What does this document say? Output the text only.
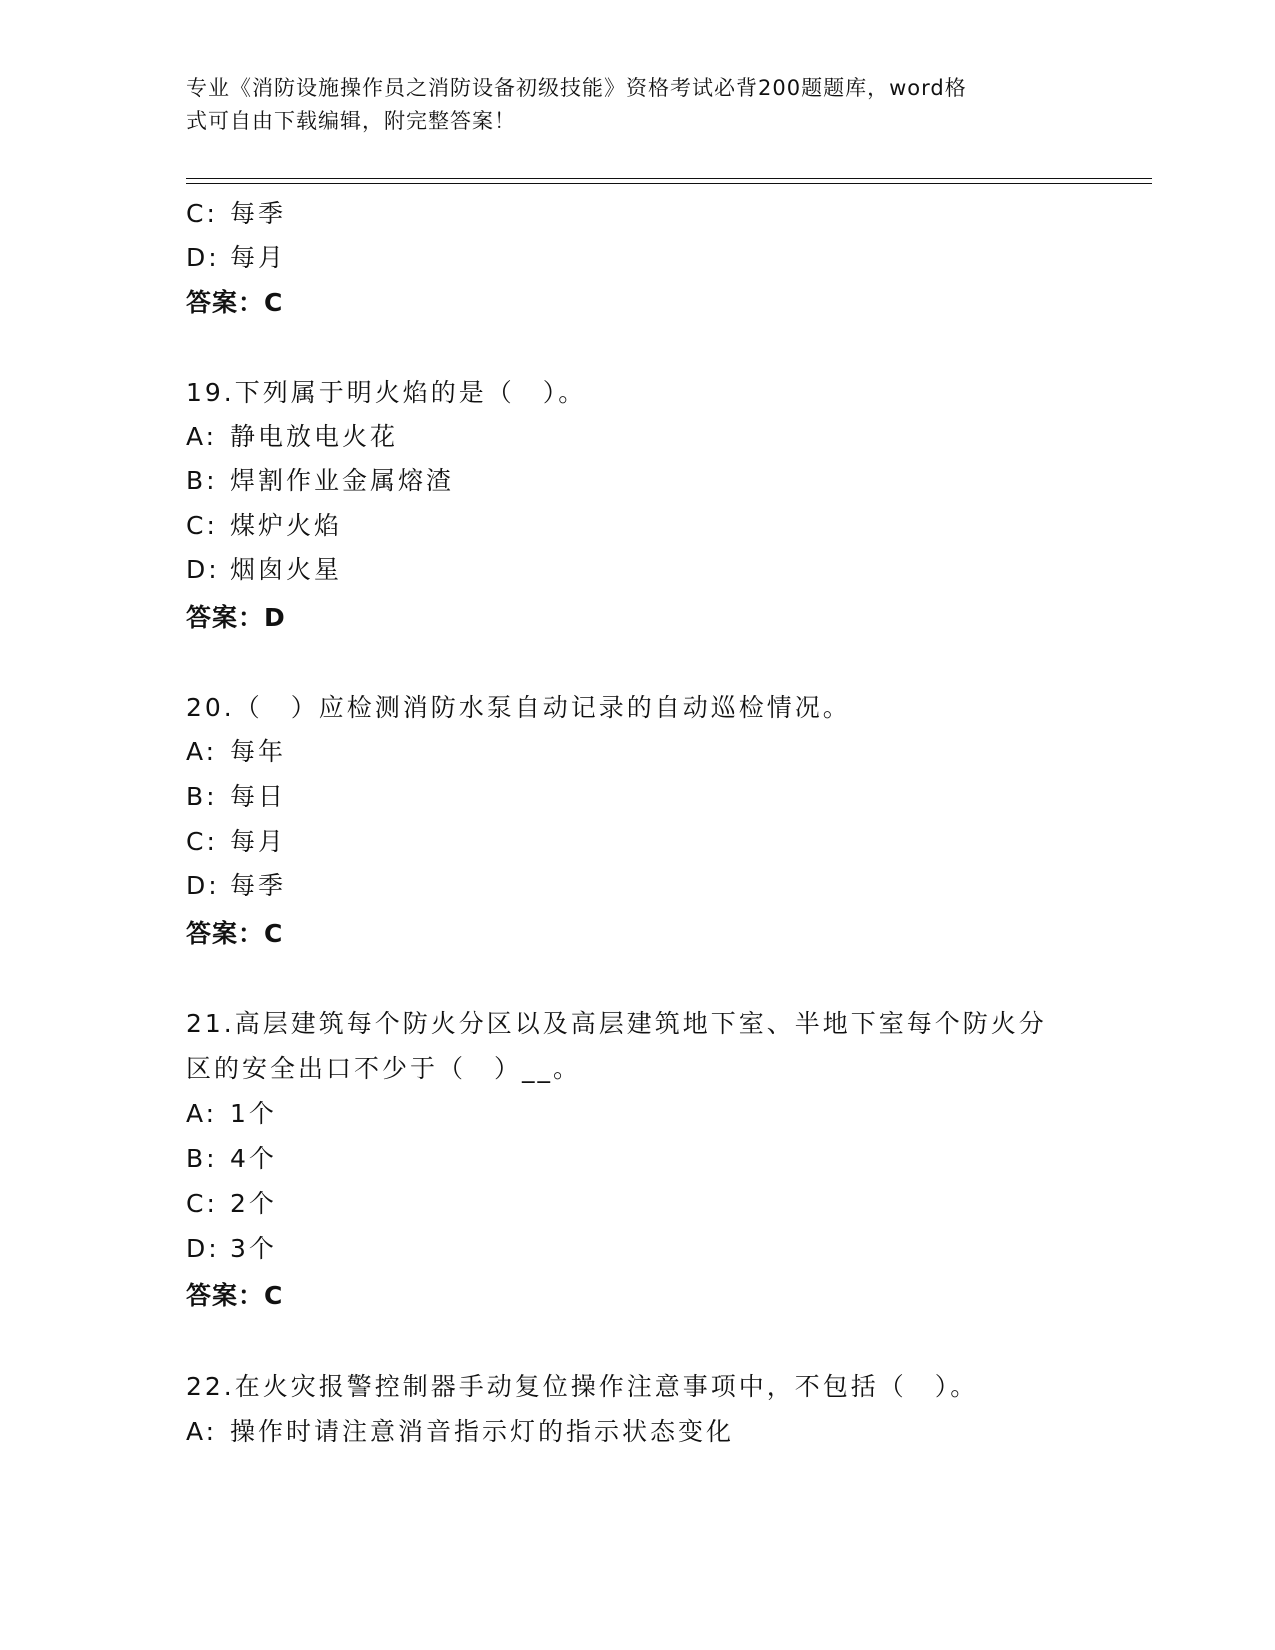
专业《消防设施操作员之消防设备初级技能》资格考试必背200题题库，word格
式可自由下载编辑，附完整答案！
C: 每季
D: 每月
答案：C
19.下列属于明火焰的是（　）。
A: 静电放电火花
B: 焊割作业金属熔渣
C: 煤炉火焰
D: 烟囱火星
答案：D
20.（　）应检测消防水泵自动记录的自动巡检情况。
A: 每年
B: 每日
C: 每月
D: 每季
答案：C
21.高层建筑每个防火分区以及高层建筑地下室、半地下室每个防火分
区的安全出口不少于（　）__。
A: 1个
B: 4个
C: 2个
D: 3个
答案：C
22.在火灾报警控制器手动复位操作注意事项中，不包括（　）。
A: 操作时请注意消音指示灯的指示状态变化
